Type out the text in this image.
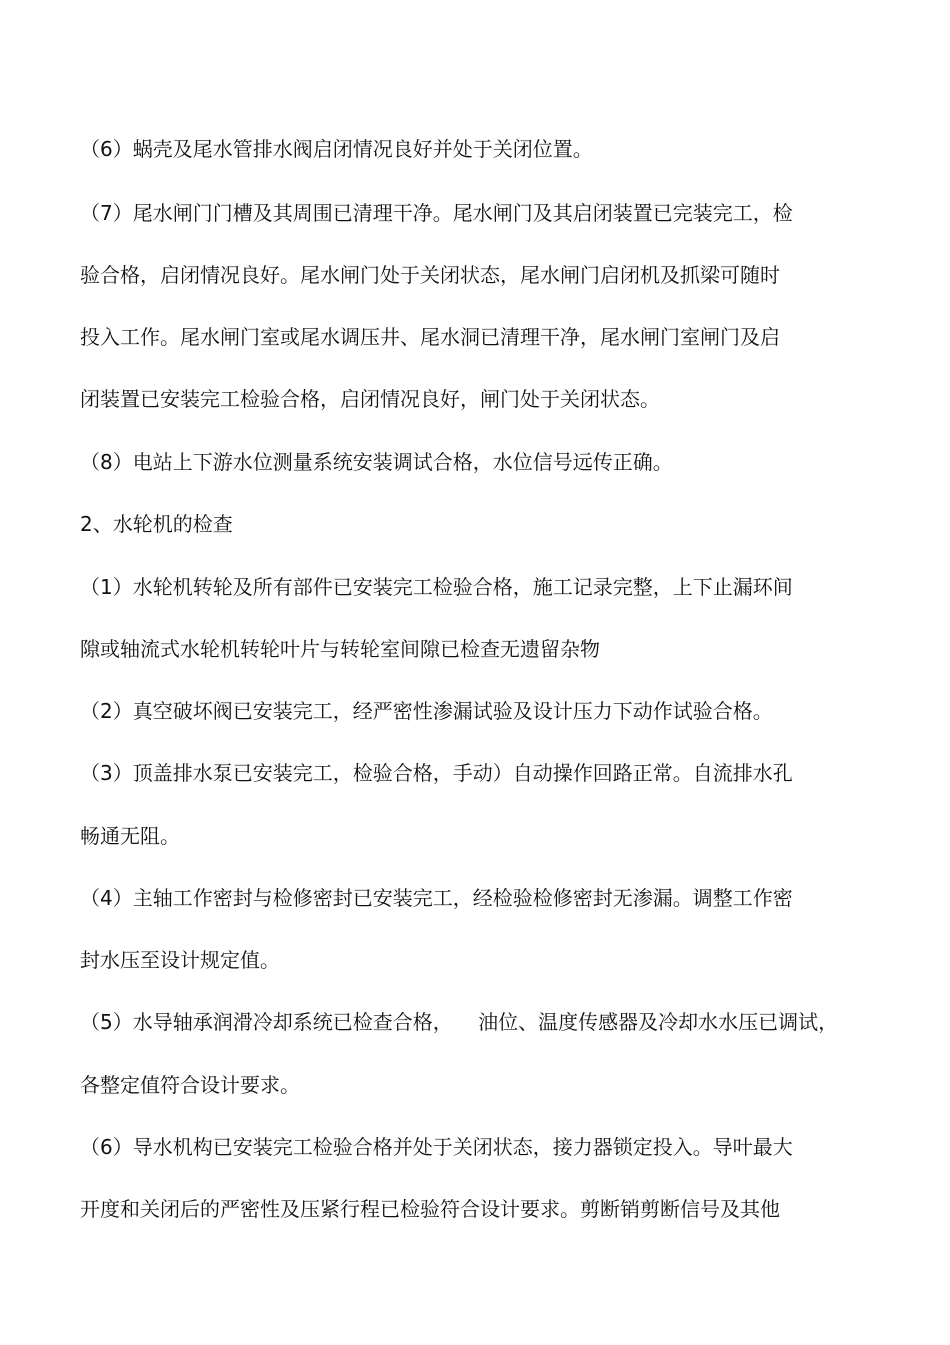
（6）蜗壳及尾水管排水阀启闭情况良好并处于关闭位置。
（7）尾水闸门门槽及其周围已清理干净。尾水闸门及其启闭装置已完装完工，检
验合格，启闭情况良好。尾水闸门处于关闭状态，尾水闸门启闭机及抓梁可随时
投入工作。尾水闸门室或尾水调压井、尾水洞已清理干净，尾水闸门室闸门及启
闭装置已安装完工检验合格，启闭情况良好，闸门处于关闭状态。
（8）电站上下游水位测量系统安装调试合格，水位信号远传正确。
2、水轮机的检查
（1）水轮机转轮及所有部件已安装完工检验合格，施工记录完整，上下止漏环间
隙或轴流式水轮机转轮叶片与转轮室间隙已检查无遗留杂物
（2）真空破坏阀已安装完工，经严密性渗漏试验及设计压力下动作试验合格。
（3）顶盖排水泵已安装完工，检验合格，手动）自动操作回路正常。自流排水孔
畅通无阻。
（4）主轴工作密封与检修密封已安装完工，经检验检修密封无渗漏。调整工作密
封水压至设计规定值。
（5）水导轴承润滑冷却系统已检查合格，    油位、温度传感器及冷却水水压已调试，
各整定值符合设计要求。
（6）导水机构已安装完工检验合格并处于关闭状态，接力器锁定投入。导叶最大
开度和关闭后的严密性及压紧行程已检验符合设计要求。剪断销剪断信号及其他
